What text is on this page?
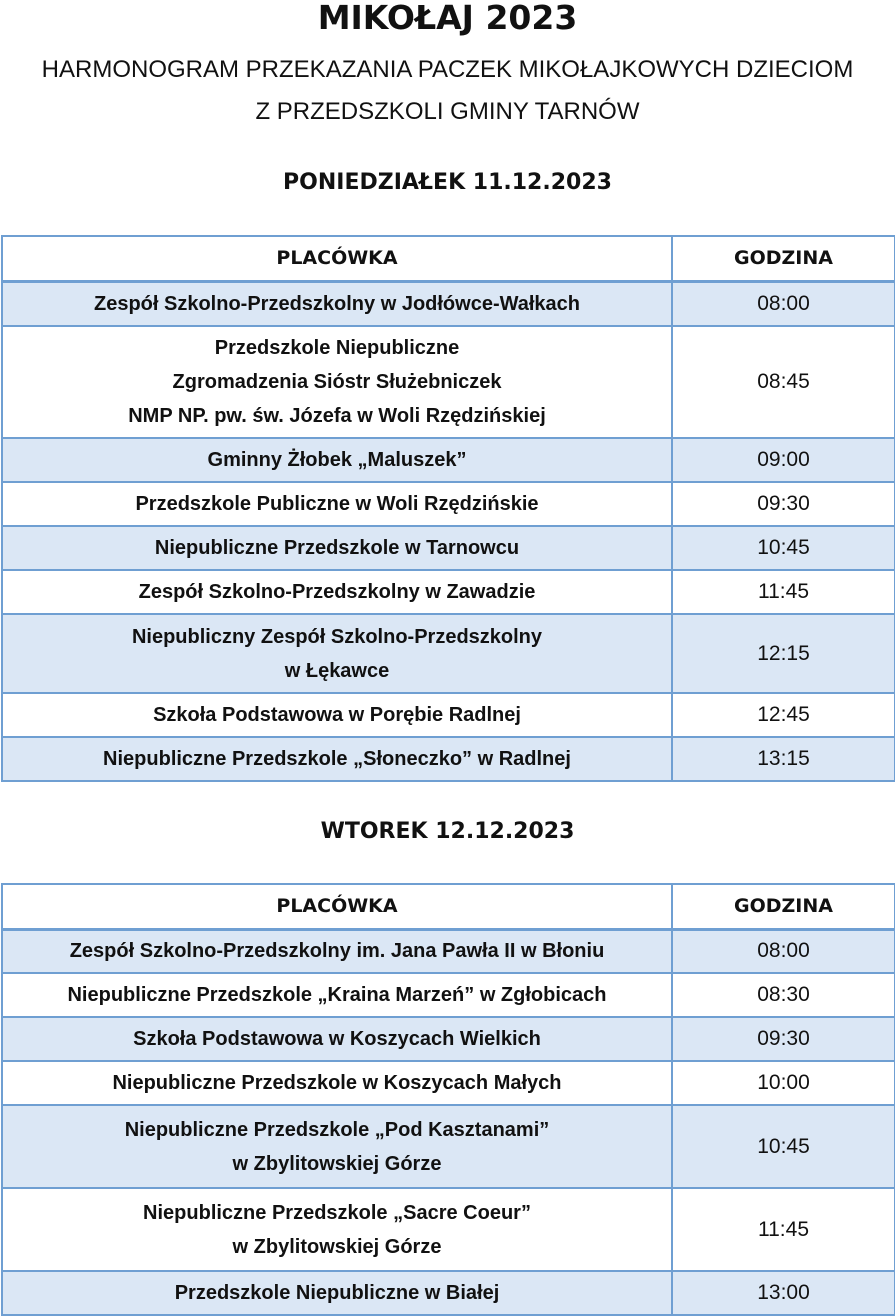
MIKOŁAJ 2023
HARMONOGRAM PRZEKAZANIA PACZEK MIKOŁAJKOWYCH DZIECIOM
Z PRZEDSZKOLI GMINY TARNÓW
PONIEDZIAŁEK 11.12.2023
PLACÓWKA	GODZINA

Zespół Szkolno-Przedszkolny w Jodłówce-Wałkach	08:00

Przedszkole Niepubliczne
Zgromadzenia Sióstr Służebniczek
NMP NP. pw. św. Józefa w Woli Rzędzińskiej	08:45

Gminny Żłobek „Maluszek”	09:00

Przedszkole Publiczne w Woli Rzędzińskie	09:30

Niepubliczne Przedszkole w Tarnowcu	10:45

Zespół Szkolno-Przedszkolny w Zawadzie	11:45

Niepubliczny Zespół Szkolno-Przedszkolny
w Łękawce	12:15

Szkoła Podstawowa w Porębie Radlnej	12:45

Niepubliczne Przedszkole „Słoneczko” w Radlnej	13:15
WTOREK 12.12.2023
PLACÓWKA	GODZINA

Zespół Szkolno-Przedszkolny im. Jana Pawła II w Błoniu	08:00

Niepubliczne Przedszkole „Kraina Marzeń” w Zgłobicach	08:30

Szkoła Podstawowa w Koszycach Wielkich	09:30

Niepubliczne Przedszkole w Koszycach Małych	10:00

Niepubliczne Przedszkole „Pod Kasztanami”
w Zbylitowskiej Górze	10:45

Niepubliczne Przedszkole „Sacre Coeur”
w Zbylitowskiej Górze	11:45

Przedszkole Niepubliczne w Białej	13:00
